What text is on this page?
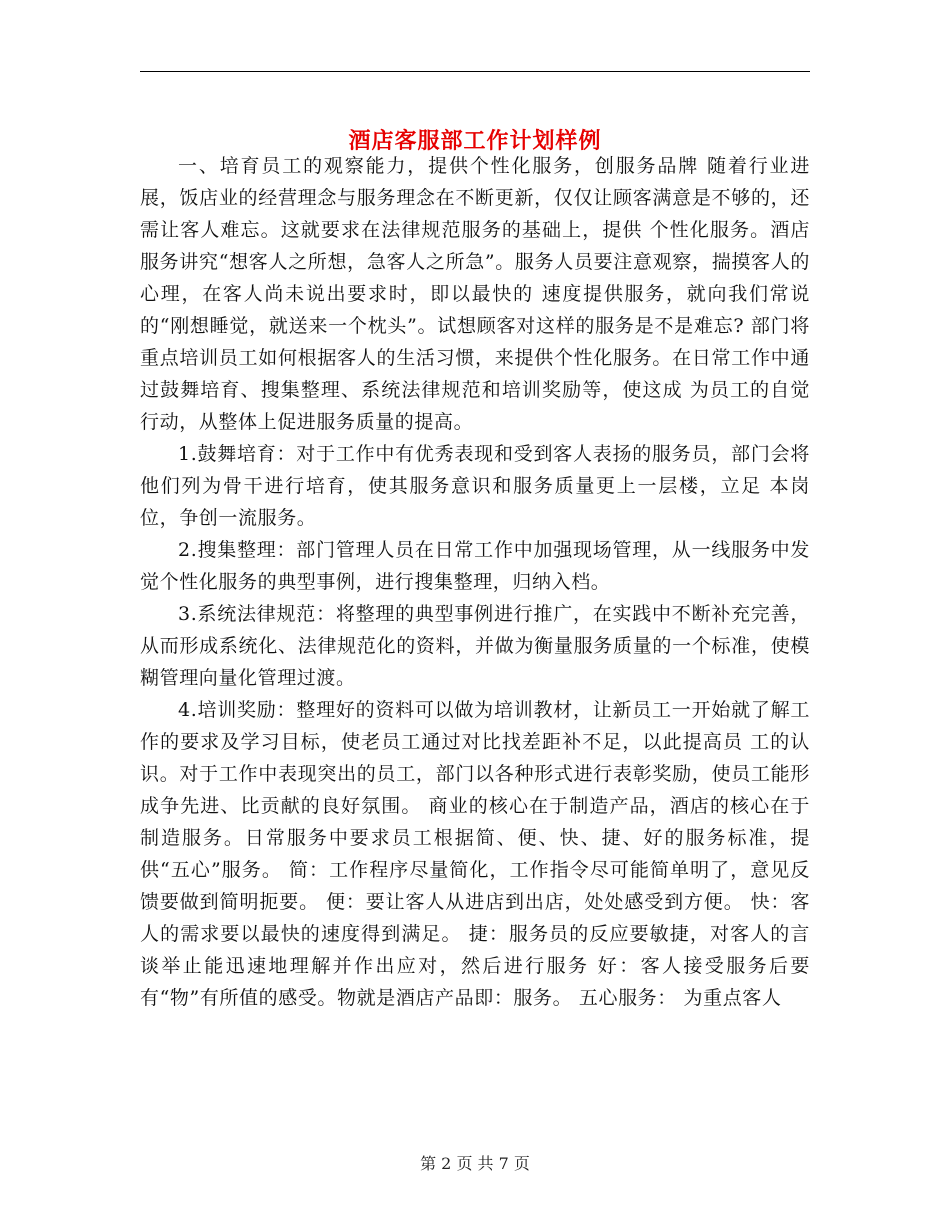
酒店客服部工作计划样例

一、培育员工的观察能力，提供个性化服务，创服务品牌 随着行业进展，饭店业的经营理念与服务理念在不断更新，仅仅让顾客满意是不够的，还需让客人难忘。这就要求在法律规范服务的基础上，提供 个性化服务。酒店服务讲究“想客人之所想，急客人之所急”。服务人员要注意观察，揣摸客人的心理，在客人尚未说出要求时，即以最快的 速度提供服务，就向我们常说的“刚想睡觉，就送来一个枕头”。试想顾客对这样的服务是不是难忘? 部门将重点培训员工如何根据客人的生活习惯，来提供个性化服务。在日常工作中通过鼓舞培育、搜集整理、系统法律规范和培训奖励等，使这成 为员工的自觉行动，从整体上促进服务质量的提高。

1.鼓舞培育：对于工作中有优秀表现和受到客人表扬的服务员，部门会将他们列为骨干进行培育，使其服务意识和服务质量更上一层楼，立足 本岗位，争创一流服务。

2.搜集整理：部门管理人员在日常工作中加强现场管理，从一线服务中发觉个性化服务的典型事例，进行搜集整理，归纳入档。

3.系统法律规范：将整理的典型事例进行推广，在实践中不断补充完善，从而形成系统化、法律规范化的资料，并做为衡量服务质量的一个标准，使模 糊管理向量化管理过渡。

4.培训奖励：整理好的资料可以做为培训教材，让新员工一开始就了解工作的要求及学习目标，使老员工通过对比找差距补不足，以此提高员 工的认识。对于工作中表现突出的员工，部门以各种形式进行表彰奖励，使员工能形成争先进、比贡献的良好氛围。 商业的核心在于制造产品，酒店的核心在于制造服务。日常服务中要求员工根据简、便、快、捷、好的服务标准，提供“五心”服务。 简：工作程序尽量简化，工作指令尽可能简单明了，意见反馈要做到简明扼要。 便：要让客人从进店到出店，处处感受到方便。 快：客人的需求要以最快的速度得到满足。 捷：服务员的反应要敏捷，对客人的言谈举止能迅速地理解并作出应对，然后进行服务 好：客人接受服务后要有“物”有所值的感受。物就是酒店产品即：服务。 五心服务： 为重点客人

第 2 页 共 7 页
